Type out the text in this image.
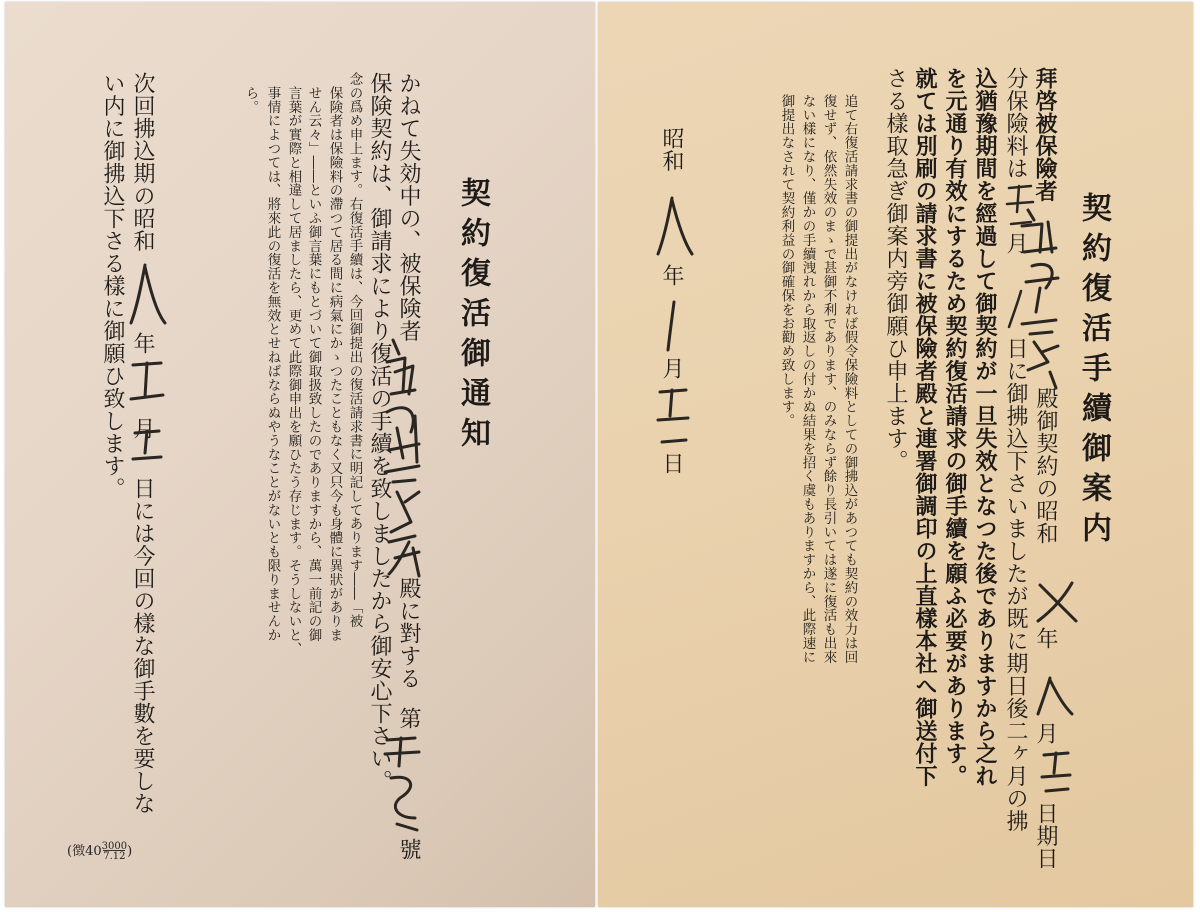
契約復活御通知
かねて失効中の、被保険者
保険契約は、御請求により復活の手續を致しましたから御安心下さい。
念の爲め申上ます。右復活手續は、今回御提出の復活請求書に明記してあります――「被
保険者は保險料の滯つて居る間に病氣にかゝつたこともなく又只今も身體に異狀がありま
せん云々」――といふ御言葉にもとづいて御取扱致したのでありますから、萬一前記の御
言葉が實際と相違して居ましたら、更めて此際御申出を願ひたう存じます。そうしないと、
事情によつては、將來此の復活を無效とせねばならぬやうなことがないとも限りませんか
ら。
次回拂込期の昭和
い内に御拂込下さる樣に御願ひ致します。
殿に對する
第
號
年
月
日には今回の樣な御手數を要しな
(徴$40\frac{3000}{7.12}$)
契約復活手續御案内
拜啓被保險者
殿御契約の昭和
年
月
日期日
分保險料は
月
日に御拂込下さいましたが既に期日後二ヶ月の拂
込猶豫期間を經過して御契約が一旦失效となつた後でありますから之れ
を元通り有效にするため契約復活請求の御手續を願ふ必要があります。
就ては別刷の請求書に被保險者殿と連署御調印の上直樣本社へ御送付下
さる樣取急ぎ御案内旁御願ひ申上ます。
追て右復活請求書の御提出がなければ假令保險料としての御拂込があつても契約の效力は回
復せず、依然失效のまゝで甚御不利であります、のみならず餘り長引いては遂に復活も出來
ない樣になり、僅かの手續洩れから取返しの付かぬ結果を招く虞もありますから、此際速に
御提出なされて契約利益の御確保をお勸め致します。
昭和
年
月
日
